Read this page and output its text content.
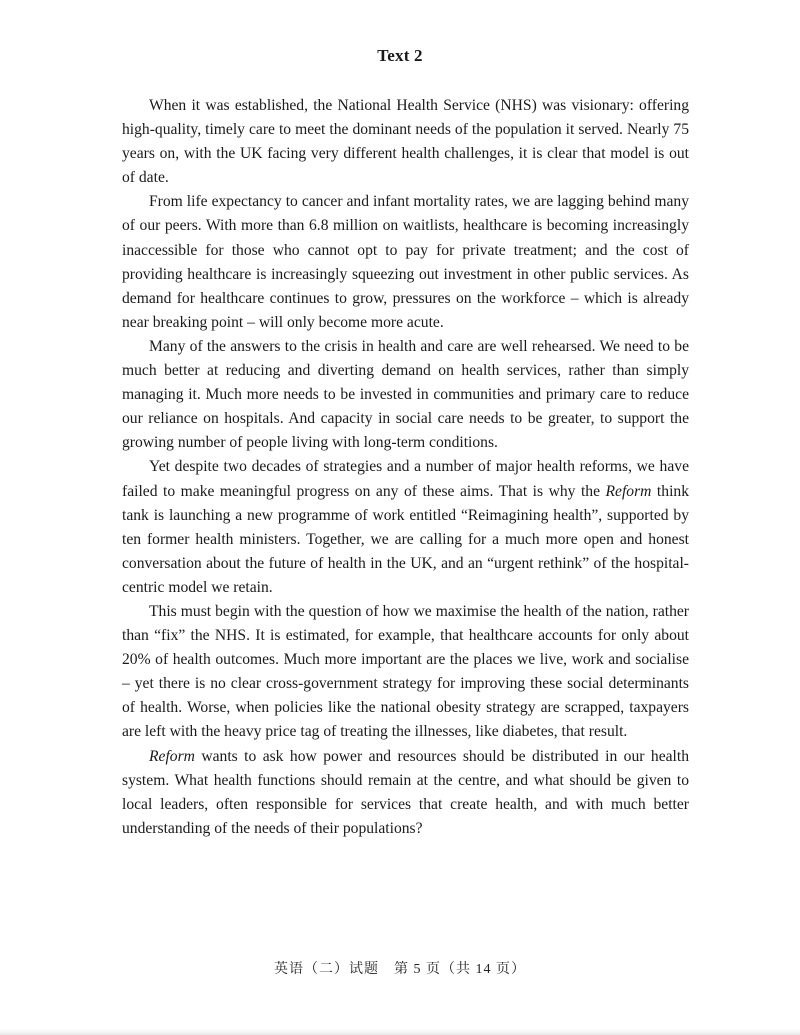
Text 2

When it was established, the National Health Service (NHS) was visionary: offering high-quality, timely care to meet the dominant needs of the population it served. Nearly 75 years on, with the UK facing very different health challenges, it is clear that model is out of date.

From life expectancy to cancer and infant mortality rates, we are lagging behind many of our peers. With more than 6.8 million on waitlists, healthcare is becoming increasingly inaccessible for those who cannot opt to pay for private treatment; and the cost of providing healthcare is increasingly squeezing out investment in other public services. As demand for healthcare continues to grow, pressures on the workforce – which is already near breaking point – will only become more acute.

Many of the answers to the crisis in health and care are well rehearsed. We need to be much better at reducing and diverting demand on health services, rather than simply managing it. Much more needs to be invested in communities and primary care to reduce our reliance on hospitals. And capacity in social care needs to be greater, to support the growing number of people living with long-term conditions.

Yet despite two decades of strategies and a number of major health reforms, we have failed to make meaningful progress on any of these aims. That is why the Reform think tank is launching a new programme of work entitled “Reimagining health”, supported by ten former health ministers. Together, we are calling for a much more open and honest conversation about the future of health in the UK, and an “urgent rethink” of the hospital-centric model we retain.

This must begin with the question of how we maximise the health of the nation, rather than “fix” the NHS. It is estimated, for example, that healthcare accounts for only about 20% of health outcomes. Much more important are the places we live, work and socialise – yet there is no clear cross-government strategy for improving these social determinants of health. Worse, when policies like the national obesity strategy are scrapped, taxpayers are left with the heavy price tag of treating the illnesses, like diabetes, that result.

Reform wants to ask how power and resources should be distributed in our health system. What health functions should remain at the centre, and what should be given to local leaders, often responsible for services that create health, and with much better understanding of the needs of their populations?

英语（二）试题　第 5 页（共 14 页）
